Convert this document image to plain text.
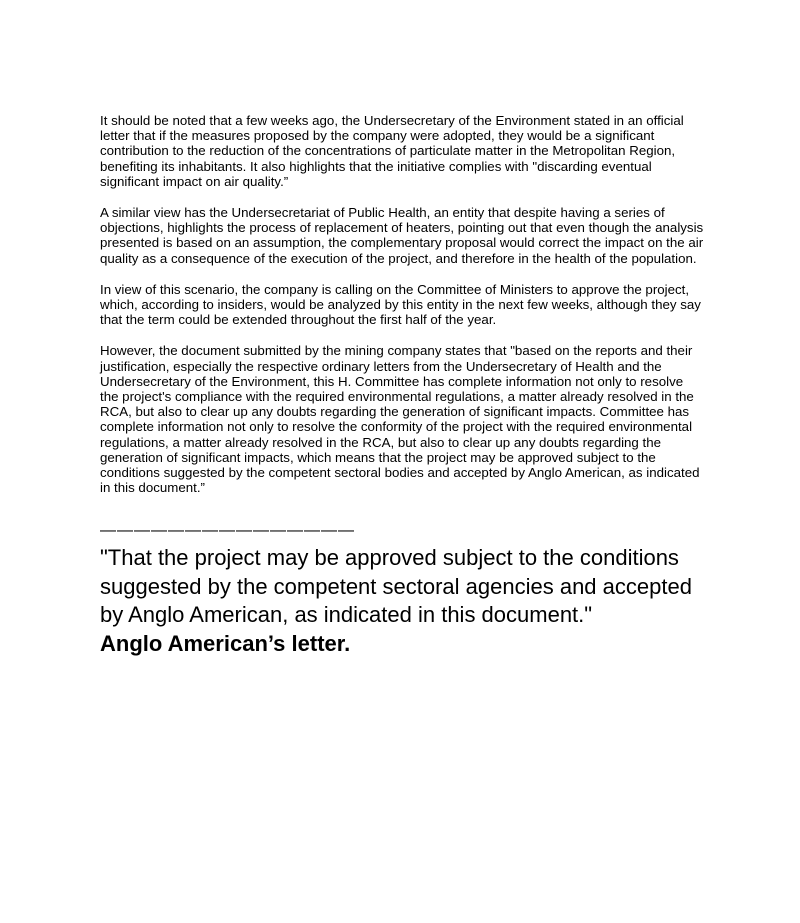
It should be noted that a few weeks ago, the Undersecretary of the Environment stated in an official letter that if the measures proposed by the company were adopted, they would be a significant contribution to the reduction of the concentrations of particulate matter in the Metropolitan Region, benefiting its inhabitants. It also highlights that the initiative complies with "discarding eventual significant impact on air quality.”

A similar view has the Undersecretariat of Public Health, an entity that despite having a series of objections, highlights the process of replacement of heaters, pointing out that even though the analysis presented is based on an assumption, the complementary proposal would correct the impact on the air quality as a consequence of the execution of the project, and therefore in the health of the population.

In view of this scenario, the company is calling on the Committee of Ministers to approve the project, which, according to insiders, would be analyzed by this entity in the next few weeks, although they say that the term could be extended throughout the first half of the year.

However, the document submitted by the mining company states that "based on the reports and their justification, especially the respective ordinary letters from the Undersecretary of Health and the Undersecretary of the Environment, this H. Committee has complete information not only to resolve the project's compliance with the required environmental regulations, a matter already resolved in the RCA, but also to clear up any doubts regarding the generation of significant impacts. Committee has complete information not only to resolve the conformity of the project with the required environmental regulations, a matter already resolved in the RCA, but also to clear up any doubts regarding the generation of significant impacts, which means that the project may be approved subject to the conditions suggested by the competent sectoral bodies and accepted by Anglo American, as indicated in this document.”

———————————————
"That the project may be approved subject to the conditions suggested by the competent sectoral agencies and accepted by Anglo American, as indicated in this document."
Anglo American’s letter.
